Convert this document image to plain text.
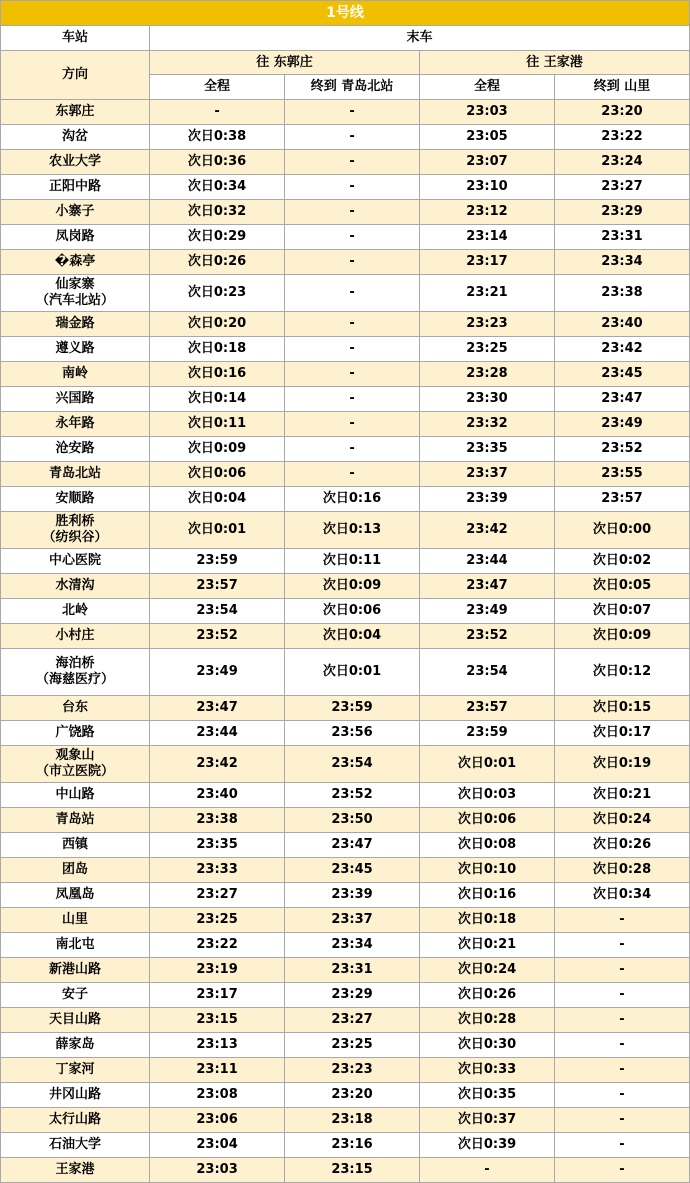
1号线				
车站	末车			
方向	往 东郭庄		往 王家港	
	全程	终到 青岛北站	全程	终到 山里

东郭庄	-	-	23:03	23:20

沟岔	次日0:38	-	23:05	23:22

农业大学	次日0:36	-	23:07	23:24

正阳中路	次日0:34	-	23:10	23:27

小寨子	次日0:32	-	23:12	23:29

凤岗路	次日0:29	-	23:14	23:31

�森亭	次日0:26	-	23:17	23:34

仙家寨
（汽车北站）	次日0:23	-	23:21	23:38

瑞金路	次日0:20	-	23:23	23:40

遵义路	次日0:18	-	23:25	23:42

南岭	次日0:16	-	23:28	23:45

兴国路	次日0:14	-	23:30	23:47

永年路	次日0:11	-	23:32	23:49

沧安路	次日0:09	-	23:35	23:52

青岛北站	次日0:06	-	23:37	23:55

安顺路	次日0:04	次日0:16	23:39	23:57

胜利桥
（纺织谷）	次日0:01	次日0:13	23:42	次日0:00

中心医院	23:59	次日0:11	23:44	次日0:02

水清沟	23:57	次日0:09	23:47	次日0:05

北岭	23:54	次日0:06	23:49	次日0:07

小村庄	23:52	次日0:04	23:52	次日0:09

海泊桥
（海慈医疗）	23:49	次日0:01	23:54	次日0:12

台东	23:47	23:59	23:57	次日0:15

广饶路	23:44	23:56	23:59	次日0:17

观象山
（市立医院）	23:42	23:54	次日0:01	次日0:19

中山路	23:40	23:52	次日0:03	次日0:21

青岛站	23:38	23:50	次日0:06	次日0:24

西镇	23:35	23:47	次日0:08	次日0:26

团岛	23:33	23:45	次日0:10	次日0:28

凤凰岛	23:27	23:39	次日0:16	次日0:34

山里	23:25	23:37	次日0:18	-

南北屯	23:22	23:34	次日0:21	-

新港山路	23:19	23:31	次日0:24	-

安子	23:17	23:29	次日0:26	-

天目山路	23:15	23:27	次日0:28	-

薛家岛	23:13	23:25	次日0:30	-

丁家河	23:11	23:23	次日0:33	-

井冈山路	23:08	23:20	次日0:35	-

太行山路	23:06	23:18	次日0:37	-

石油大学	23:04	23:16	次日0:39	-

王家港	23:03	23:15	-	-
